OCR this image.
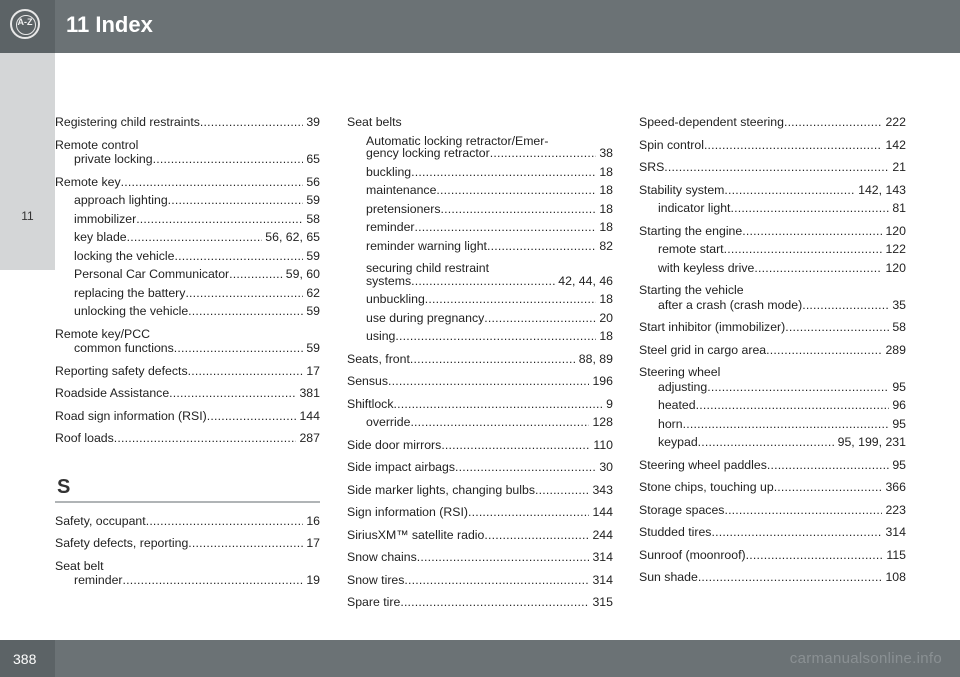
A-Z 11 Index
11
Registering child restraints .....	39
Remote control
private locking .....	65
Remote key .....	56
approach lighting .....	59
immobilizer .....	58
key blade .....	56, 62, 65
locking the vehicle .....	59
Personal Car Communicator .....	59, 60
replacing the battery .....	62
unlocking the vehicle .....	59
Remote key/PCC
common functions .....	59
Reporting safety defects .....	17
Roadside Assistance .....	381
Road sign information (RSI) .....	144
Roof loads .....	287
S
Safety, occupant .....	16
Safety defects, reporting .....	17
Seat belt
reminder .....	19
Seat belts
Automatic locking retractor/Emer-
gency locking retractor .....	38
buckling .....	18
maintenance .....	18
pretensioners .....	18
reminder .....	18
reminder warning light .....	82
securing child restraint
systems .....	42, 44, 46
unbuckling .....	18
use during pregnancy .....	20
using .....	18
Seats, front .....	88, 89
Sensus .....	196
Shiftlock .....	9
override .....	128
Side door mirrors .....	110
Side impact airbags .....	30
Side marker lights, changing bulbs .....	343
Sign information (RSI) .....	144
SiriusXM™ satellite radio .....	244
Snow chains .....	314
Snow tires .....	314
Spare tire .....	315
Speed-dependent steering .....	222
Spin control .....	142
SRS .....	21
Stability system .....	142, 143
indicator light .....	81
Starting the engine .....	120
remote start .....	122
with keyless drive .....	120
Starting the vehicle
after a crash (crash mode) .....	35
Start inhibitor (immobilizer) .....	58
Steel grid in cargo area .....	289
Steering wheel
adjusting .....	95
heated .....	96
horn .....	95
keypad .....	95, 199, 231
Steering wheel paddles .....	95
Stone chips, touching up .....	366
Storage spaces .....	223
Studded tires .....	314
Sunroof (moonroof) .....	115
Sun shade .....	108
388	carmanualsonline.info
